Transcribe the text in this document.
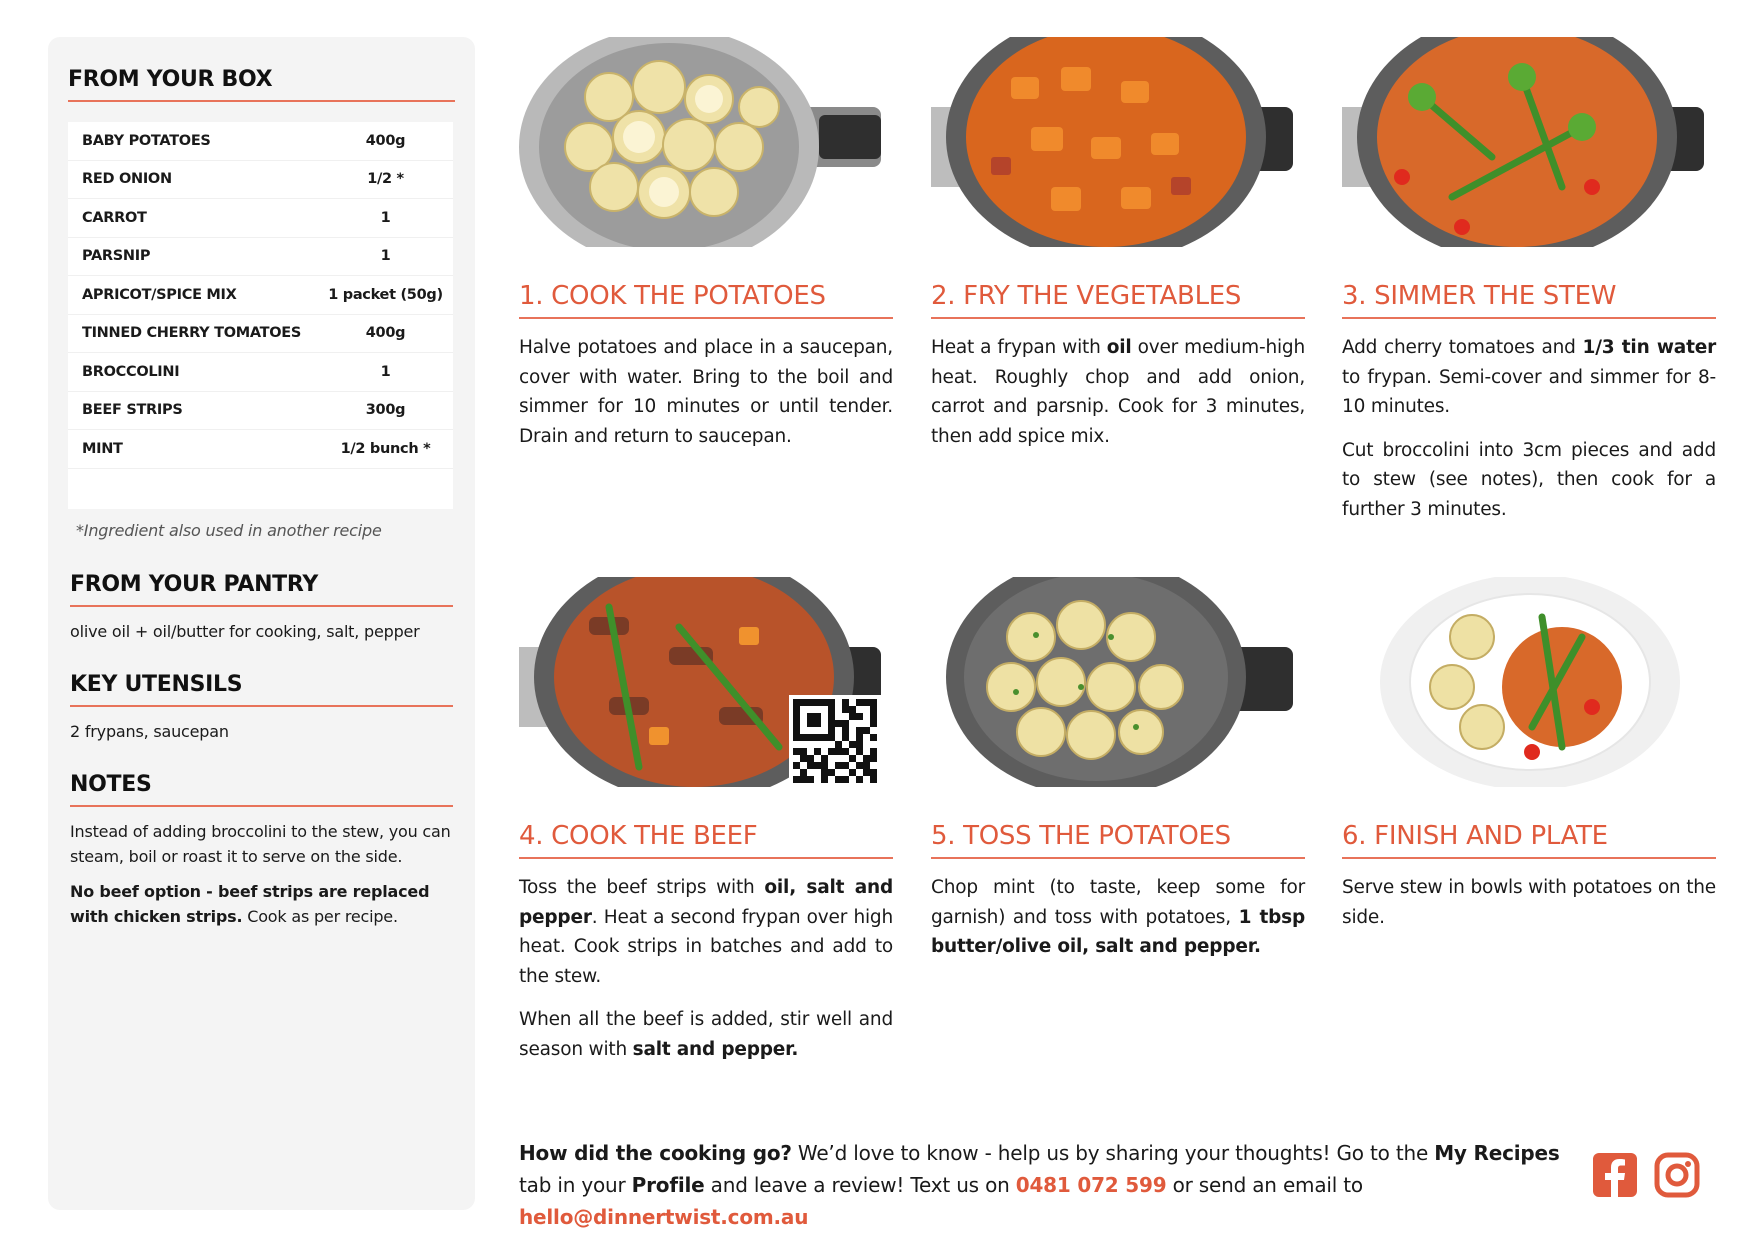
FROM YOUR BOX
BABY POTATOES	400g
RED ONION	1/2 *
CARROT	1
PARSNIP	1
APRICOT/SPICE MIX	1 packet (50g)
TINNED CHERRY TOMATOES	400g
BROCCOLINI	1
BEEF STRIPS	300g
MINT	1/2 bunch *
*Ingredient also used in another recipe
FROM YOUR PANTRY

olive oil + oil/butter for cooking, salt, pepper

KEY UTENSILS

2 frypans, saucepan

NOTES

Instead of adding broccolini to the stew, you can steam, boil or roast it to serve on the side.

No beef option - beef strips are replaced with chicken strips. Cook as per recipe.

1. COOK THE POTATOES

Halve potatoes and place in a saucepan, cover with water. Bring to the boil and simmer for 10 minutes or until tender. Drain and return to saucepan.

2. FRY THE VEGETABLES

Heat a frypan with oil over medium-high heat. Roughly chop and add onion, carrot and parsnip. Cook for 3 minutes, then add spice mix.

3. SIMMER THE STEW

Add cherry tomatoes and 1/3 tin water to frypan. Semi-cover and simmer for 8-10 minutes.

Cut broccolini into 3cm pieces and add to stew (see notes), then cook for a further 3 minutes.

4. COOK THE BEEF

Toss the beef strips with oil, salt and pepper. Heat a second frypan over high heat. Cook strips in batches and add to the stew.

When all the beef is added, stir well and season with salt and pepper.

5. TOSS THE POTATOES

Chop mint (to taste, keep some for garnish) and toss with potatoes, 1 tbsp butter/olive oil, salt and pepper.

6. FINISH AND PLATE

Serve stew in bowls with potatoes on the side.

How did the cooking go? We’d love to know - help us by sharing your thoughts! Go to the My Recipes tab in your Profile and leave a review! Text us on 0481 072 599 or send an email to hello@dinnertwist.com.au
